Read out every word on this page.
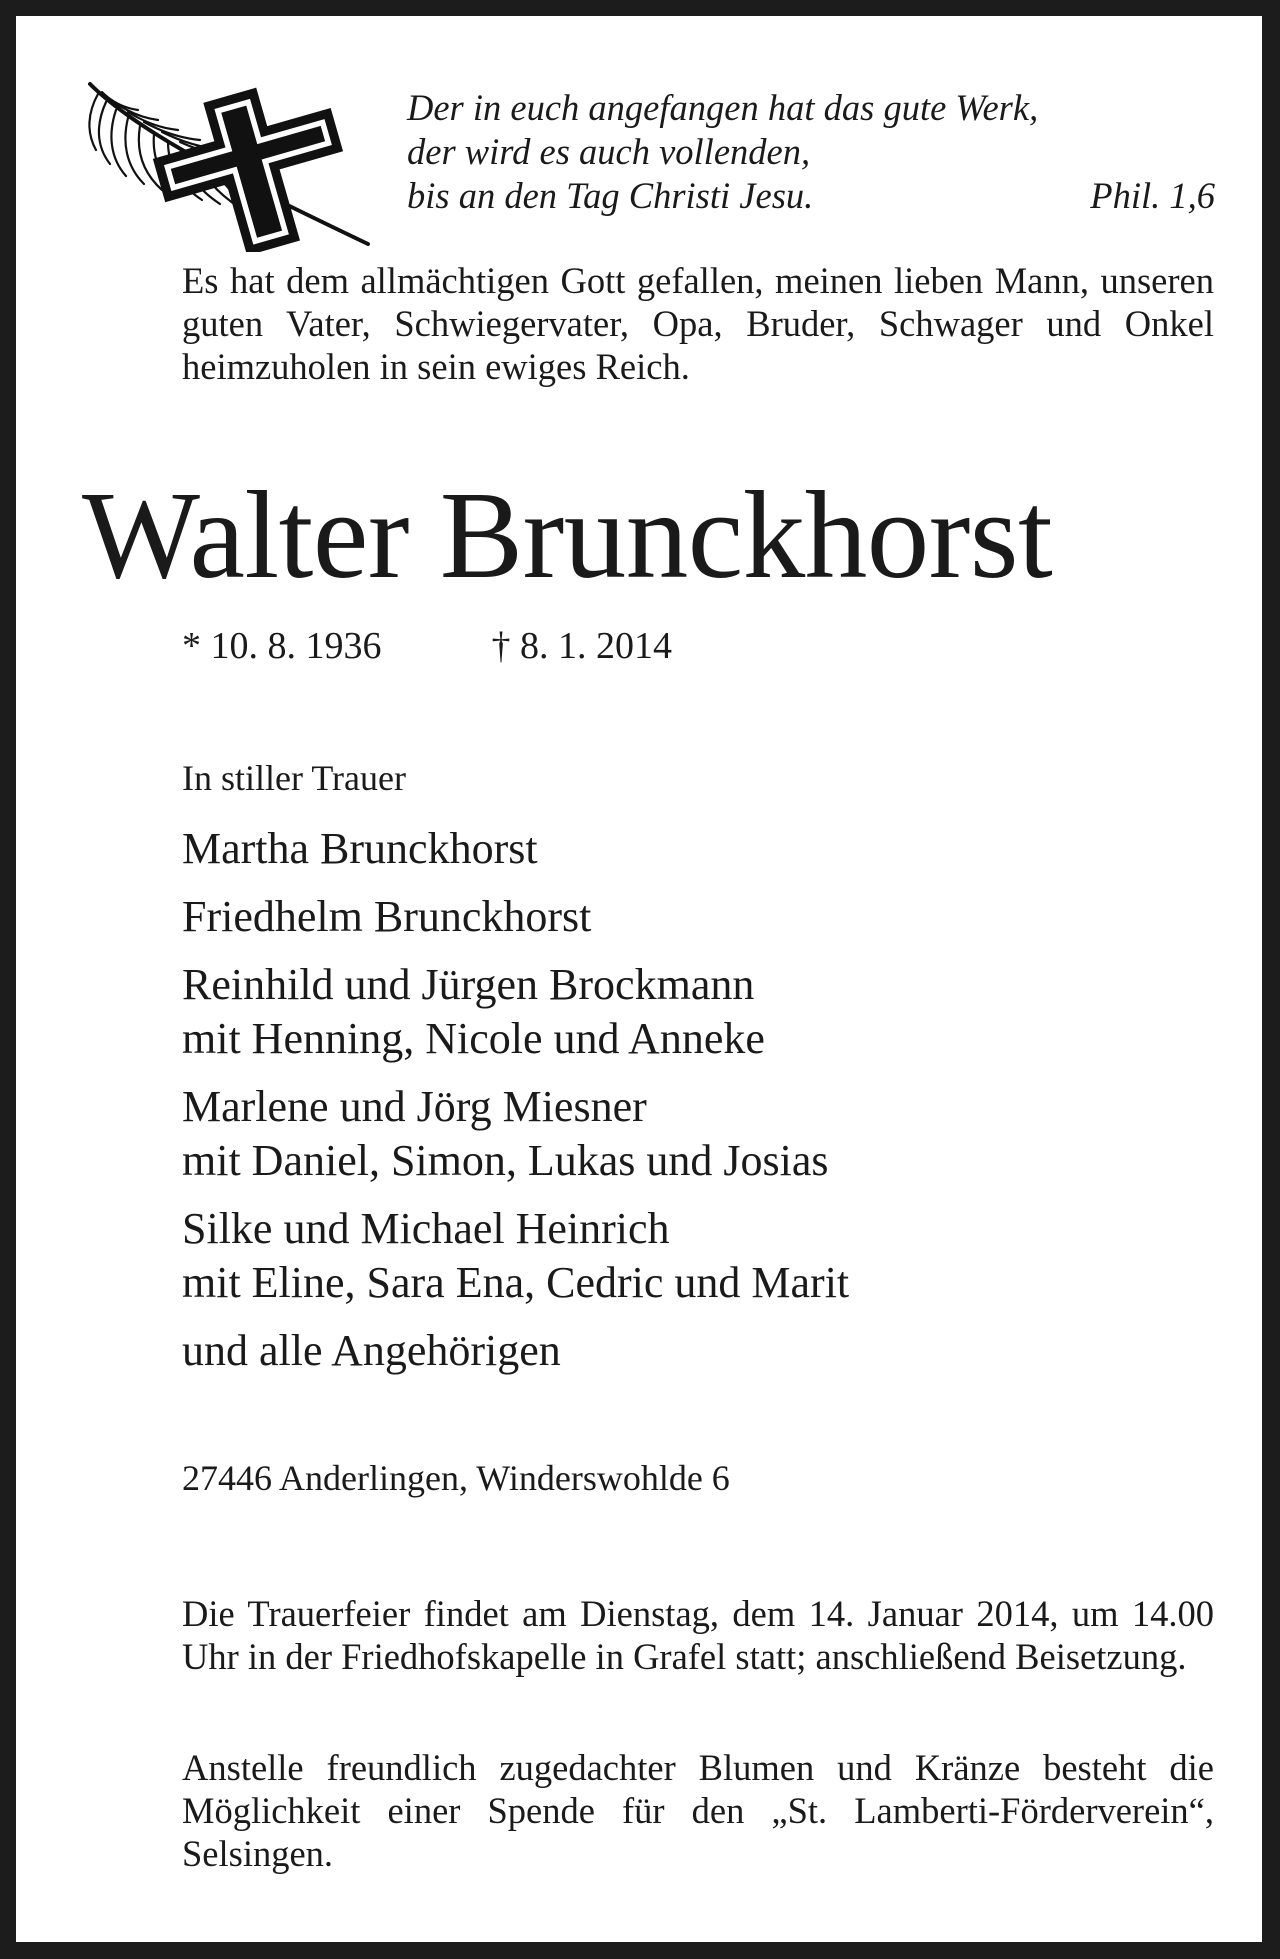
Der in euch angefangen hat das gute Werk,
der wird es auch vollenden,
bis an den Tag Christi Jesu.	Phil. 1,6
Es hat dem allmächtigen Gott gefallen, meinen lieben Mann, unseren guten Vater, Schwiegervater, Opa, Bruder, Schwager und Onkel heimzuholen in sein ewiges Reich.
Walter Brunckhorst
* 10. 8. 1936	† 8. 1. 2014
In stiller Trauer
Martha Brunckhorst
Friedhelm Brunckhorst
Reinhild und Jürgen Brockmann
mit Henning, Nicole und Anneke
Marlene und Jörg Miesner
mit Daniel, Simon, Lukas und Josias
Silke und Michael Heinrich
mit Eline, Sara Ena, Cedric und Marit
und alle Angehörigen
27446 Anderlingen, Winderswohlde 6
Die Trauerfeier findet am Dienstag, dem 14. Januar 2014, um 14.00 Uhr in der Friedhofskapelle in Grafel statt; anschließend Beisetzung.
Anstelle freundlich zugedachter Blumen und Kränze besteht die Möglichkeit einer Spende für den „St. Lamberti-Förderverein“, Selsingen.
